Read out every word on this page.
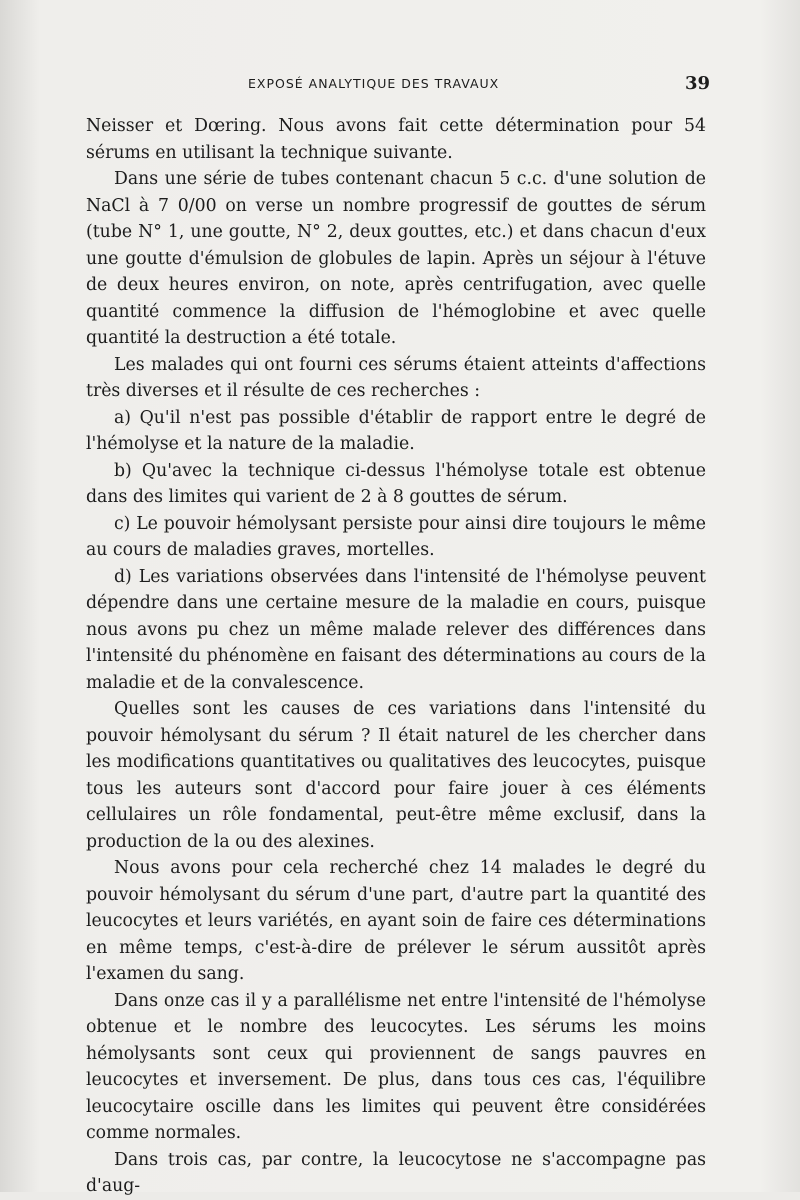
EXPOSÉ ANALYTIQUE DES TRAVAUX	39

Neisser et Dœring. Nous avons fait cette détermination pour 54 sérums en utilisant la technique suivante.

Dans une série de tubes contenant chacun 5 c.c. d'une solution de NaCl à 7 0/00 on verse un nombre progressif de gouttes de sérum (tube N° 1, une goutte, N° 2, deux gouttes, etc.) et dans chacun d'eux une goutte d'émulsion de globules de lapin. Après un séjour à l'étuve de deux heures environ, on note, après centrifugation, avec quelle quantité commence la diffusion de l'hémoglobine et avec quelle quantité la destruction a été totale.

Les malades qui ont fourni ces sérums étaient atteints d'affections très diverses et il résulte de ces recherches :

a) Qu'il n'est pas possible d'établir de rapport entre le degré de l'hémolyse et la nature de la maladie.

b) Qu'avec la technique ci-dessus l'hémolyse totale est obtenue dans des limites qui varient de 2 à 8 gouttes de sérum.

c) Le pouvoir hémolysant persiste pour ainsi dire toujours le même au cours de maladies graves, mortelles.

d) Les variations observées dans l'intensité de l'hémolyse peuvent dépendre dans une certaine mesure de la maladie en cours, puisque nous avons pu chez un même malade relever des différences dans l'intensité du phénomène en faisant des déterminations au cours de la maladie et de la convalescence.

Quelles sont les causes de ces variations dans l'intensité du pouvoir hémolysant du sérum ? Il était naturel de les chercher dans les modifications quantitatives ou qualitatives des leucocytes, puisque tous les auteurs sont d'accord pour faire jouer à ces éléments cellulaires un rôle fondamental, peut-être même exclusif, dans la production de la ou des alexines.

Nous avons pour cela recherché chez 14 malades le degré du pouvoir hémolysant du sérum d'une part, d'autre part la quantité des leucocytes et leurs variétés, en ayant soin de faire ces déterminations en même temps, c'est-à-dire de prélever le sérum aussitôt après l'examen du sang.

Dans onze cas il y a parallélisme net entre l'intensité de l'hémolyse obtenue et le nombre des leucocytes. Les sérums les moins hémolysants sont ceux qui proviennent de sangs pauvres en leucocytes et inversement. De plus, dans tous ces cas, l'équilibre leucocytaire oscille dans les limites qui peuvent être considérées comme normales.

Dans trois cas, par contre, la leucocytose ne s'accompagne pas d'aug-
